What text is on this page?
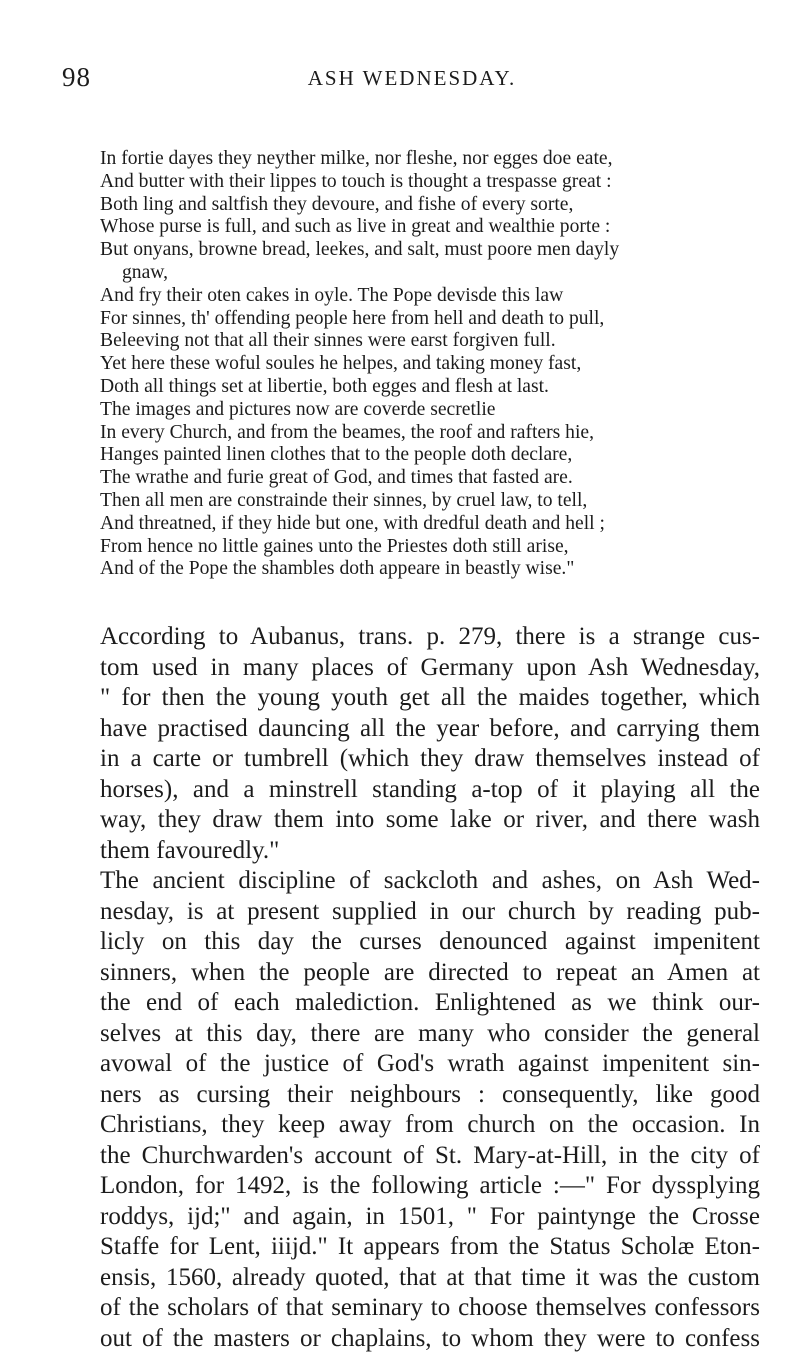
98	ASH WEDNESDAY.
In fortie dayes they neyther milke, nor fleshe, nor egges doe eate,
And butter with their lippes to touch is thought a trespasse great :
Both ling and saltfish they devoure, and fishe of every sorte,
Whose purse is full, and such as live in great and wealthie porte :
But onyans, browne bread, leekes, and salt, must poore men dayly
gnaw,
And fry their oten cakes in oyle. The Pope devisde this law
For sinnes, th' offending people here from hell and death to pull,
Beleeving not that all their sinnes were earst forgiven full.
Yet here these woful soules he helpes, and taking money fast,
Doth all things set at libertie, both egges and flesh at last.
The images and pictures now are coverde secretlie
In every Church, and from the beames, the roof and rafters hie,
Hanges painted linen clothes that to the people doth declare,
The wrathe and furie great of God, and times that fasted are.
Then all men are constrainde their sinnes, by cruel law, to tell,
And threatned, if they hide but one, with dredful death and hell ;
From hence no little gaines unto the Priestes doth still arise,
And of the Pope the shambles doth appeare in beastly wise."
According to Aubanus, trans. p. 279, there is a strange cus-
tom used in many places of Germany upon Ash Wednesday,
" for then the young youth get all the maides together, which
have practised dauncing all the year before, and carrying them
in a carte or tumbrell (which they draw themselves instead of
horses), and a minstrell standing a-top of it playing all the
way, they draw them into some lake or river, and there wash
them favouredly."
The ancient discipline of sackcloth and ashes, on Ash Wed-
nesday, is at present supplied in our church by reading pub-
licly on this day the curses denounced against impenitent
sinners, when the people are directed to repeat an Amen at
the end of each malediction. Enlightened as we think our-
selves at this day, there are many who consider the general
avowal of the justice of God's wrath against impenitent sin-
ners as cursing their neighbours : consequently, like good
Christians, they keep away from church on the occasion. In
the Churchwarden's account of St. Mary-at-Hill, in the city of
London, for 1492, is the following article :—" For dyssplying
roddys, ijd;" and again, in 1501, " For paintynge the Crosse
Staffe for Lent, iiijd." It appears from the Status Scholæ Eton-
ensis, 1560, already quoted, that at that time it was the custom
of the scholars of that seminary to choose themselves confessors
out of the masters or chaplains, to whom they were to confess
